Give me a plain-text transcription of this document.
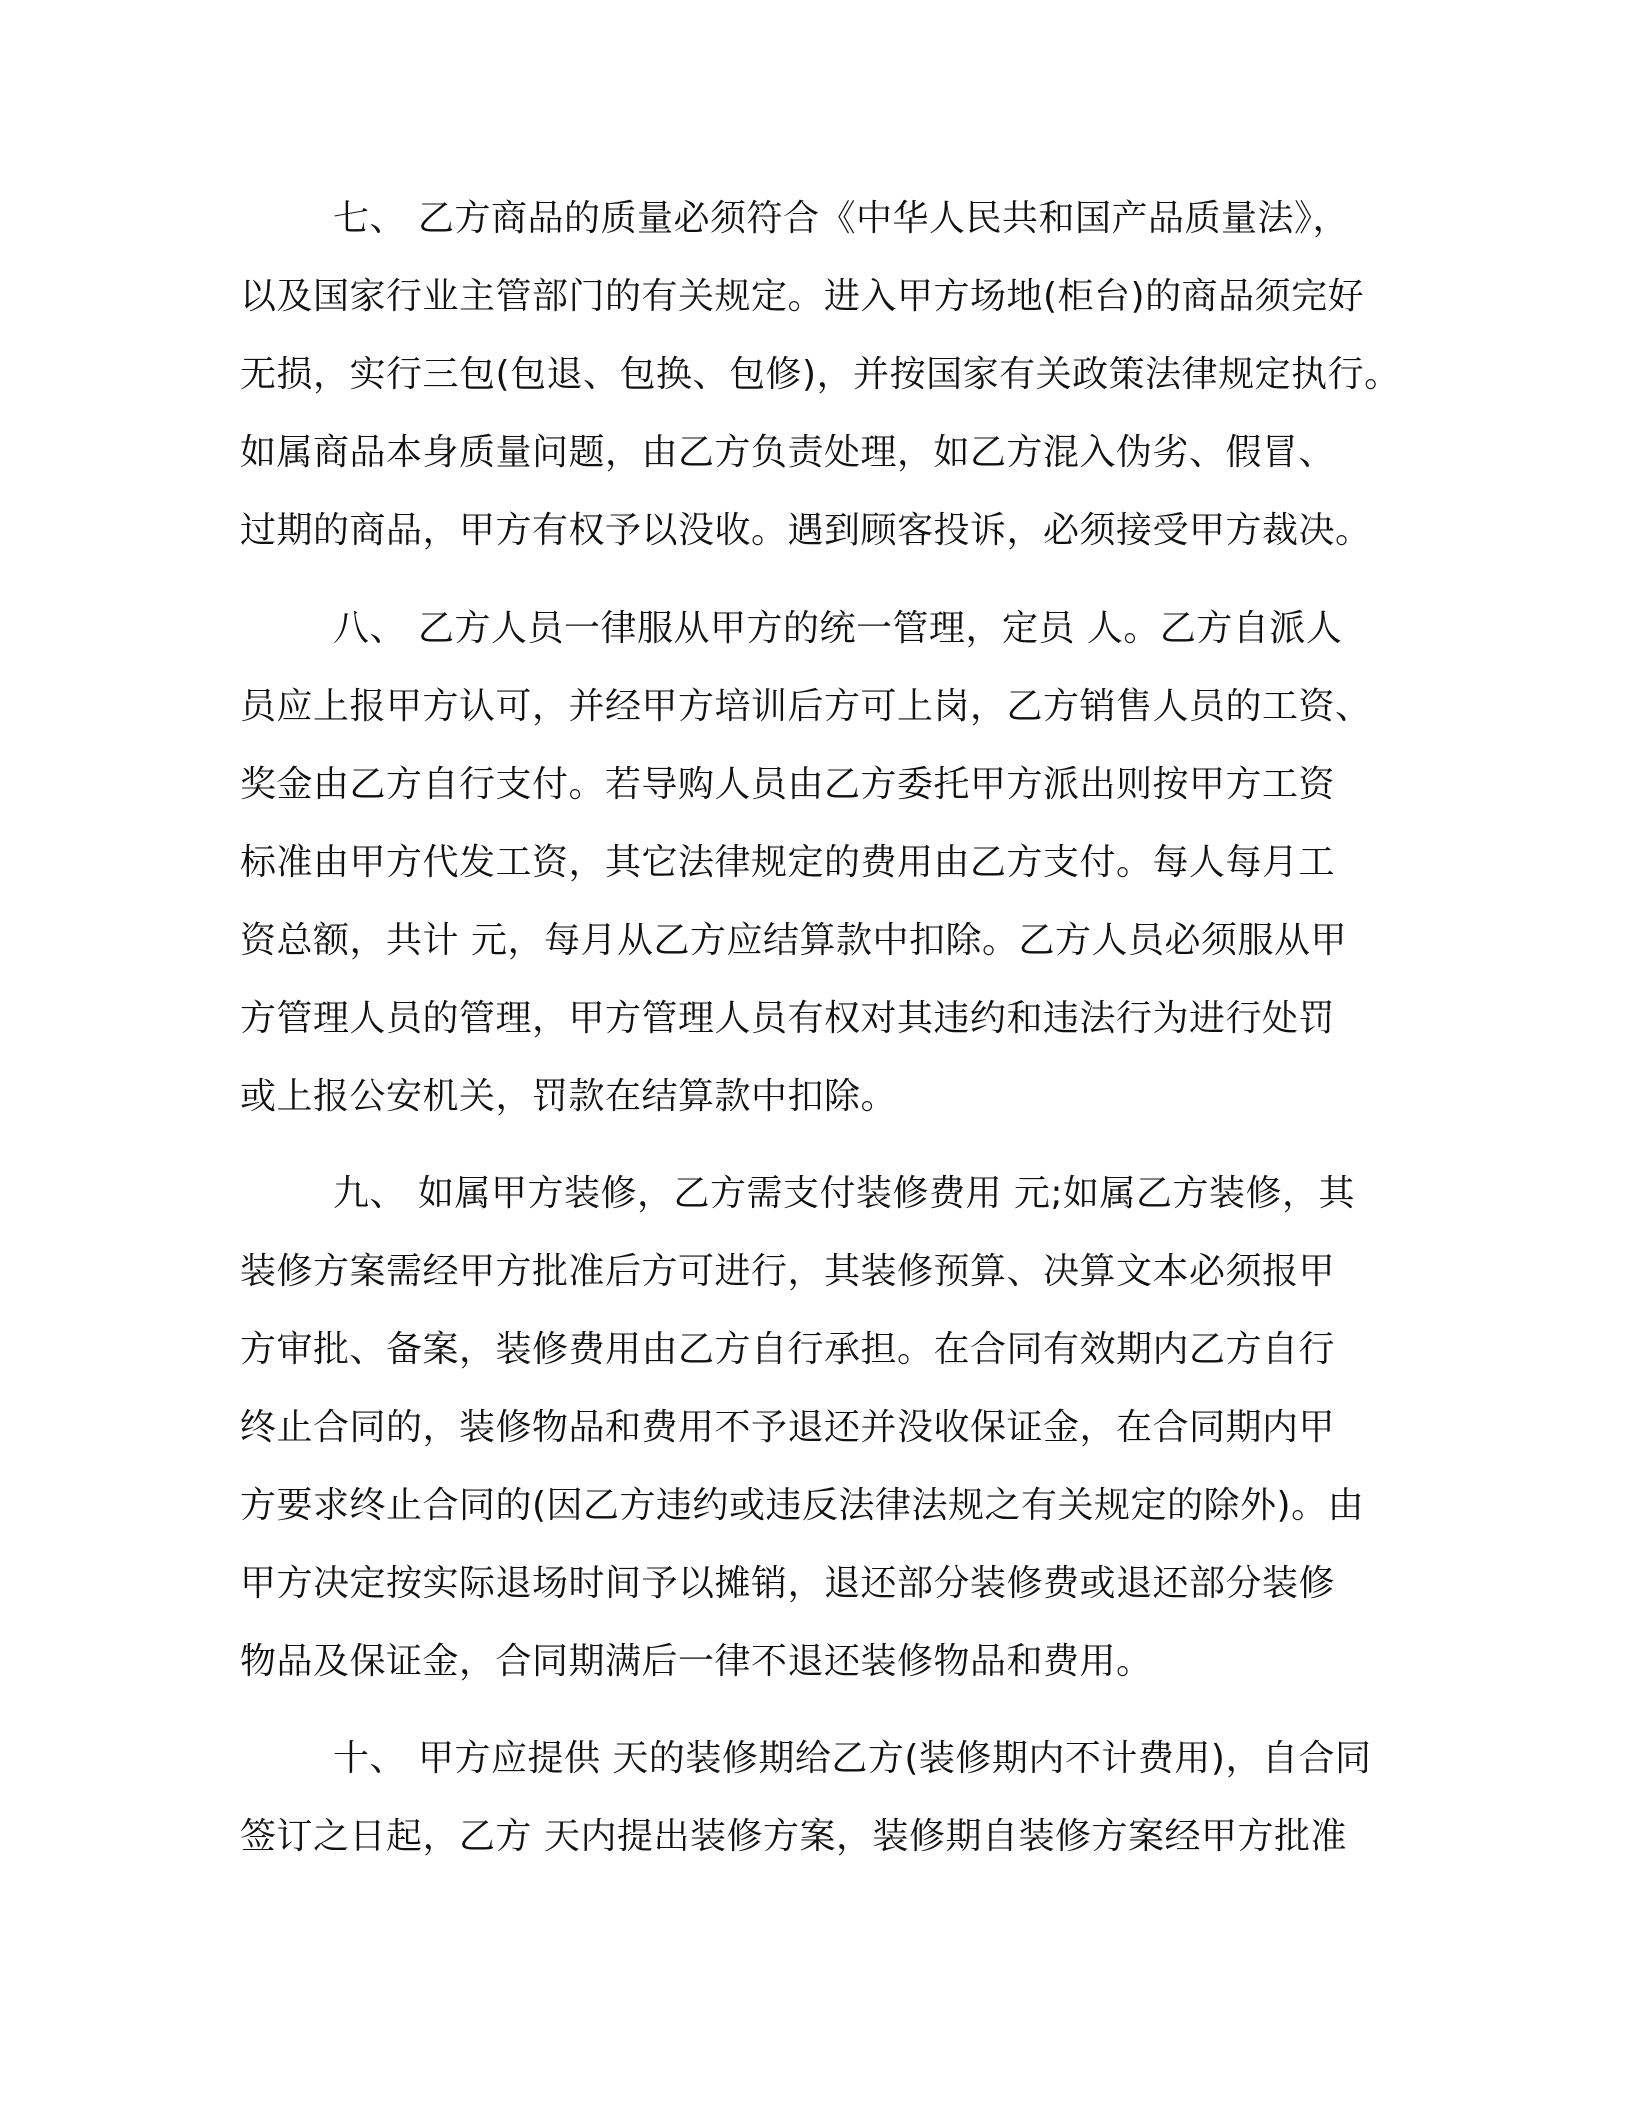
七、 乙方商品的质量必须符合《中华人民共和国产品质量法》，
以及国家行业主管部门的有关规定。进入甲方场地(柜台)的商品须完好
无损，实行三包(包退、包换、包修)，并按国家有关政策法律规定执行。
如属商品本身质量问题，由乙方负责处理，如乙方混入伪劣、假冒、
过期的商品，甲方有权予以没收。遇到顾客投诉，必须接受甲方裁决。
八、 乙方人员一律服从甲方的统一管理，定员 人。乙方自派人
员应上报甲方认可，并经甲方培训后方可上岗，乙方销售人员的工资、
奖金由乙方自行支付。若导购人员由乙方委托甲方派出则按甲方工资
标准由甲方代发工资，其它法律规定的费用由乙方支付。每人每月工
资总额，共计 元，每月从乙方应结算款中扣除。乙方人员必须服从甲
方管理人员的管理，甲方管理人员有权对其违约和违法行为进行处罚
或上报公安机关，罚款在结算款中扣除。
九、 如属甲方装修，乙方需支付装修费用 元;如属乙方装修，其
装修方案需经甲方批准后方可进行，其装修预算、决算文本必须报甲
方审批、备案，装修费用由乙方自行承担。在合同有效期内乙方自行
终止合同的，装修物品和费用不予退还并没收保证金，在合同期内甲
方要求终止合同的(因乙方违约或违反法律法规之有关规定的除外)。由
甲方决定按实际退场时间予以摊销，退还部分装修费或退还部分装修
物品及保证金，合同期满后一律不退还装修物品和费用。
十、 甲方应提供 天的装修期给乙方(装修期内不计费用)，自合同
签订之日起，乙方 天内提出装修方案，装修期自装修方案经甲方批准
